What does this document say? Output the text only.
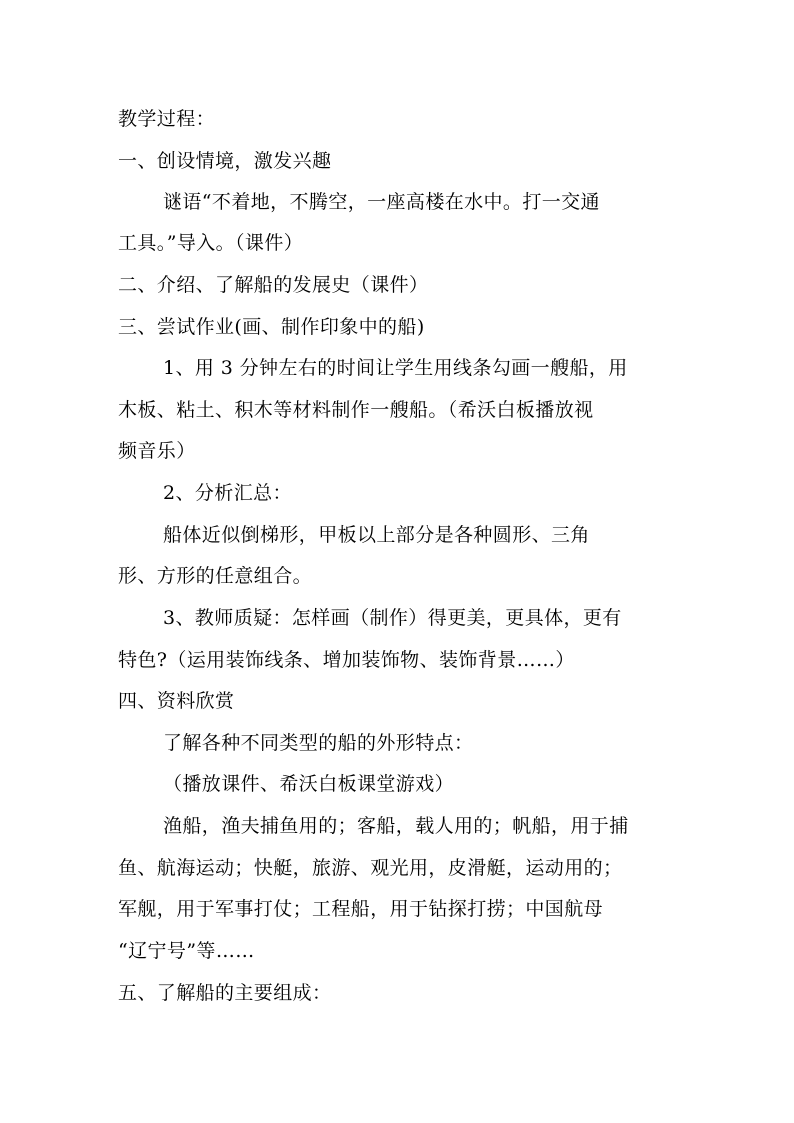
教学过程：
一、创设情境，激发兴趣
谜语“不着地，不腾空，一座高楼在水中。打一交通
工具。”导入。（课件）
二、介绍、了解船的发展史（课件）
三、尝试作业(画、制作印象中的船)
1、用 3 分钟左右的时间让学生用线条勾画一艘船，用
木板、粘土、积木等材料制作一艘船。（希沃白板播放视
频音乐）
2、分析汇总：
船体近似倒梯形，甲板以上部分是各种圆形、三角
形、方形的任意组合。
3、教师质疑：怎样画（制作）得更美，更具体，更有
特色?（运用装饰线条、增加装饰物、装饰背景……）
四、资料欣赏
了解各种不同类型的船的外形特点：
（播放课件、希沃白板课堂游戏）
渔船，渔夫捕鱼用的；客船，载人用的；帆船，用于捕
鱼、航海运动；快艇，旅游、观光用，皮滑艇，运动用的；
军舰，用于军事打仗；工程船，用于钻探打捞；中国航母
“辽宁号”等……
五、了解船的主要组成：
